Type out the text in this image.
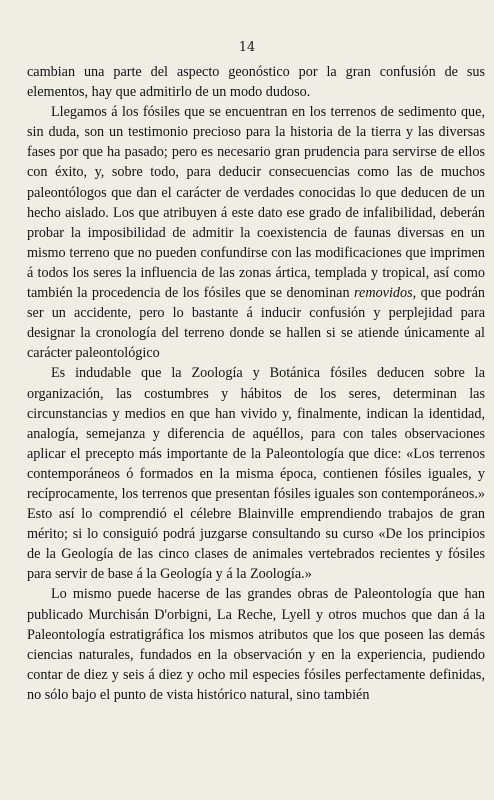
14

cambian una parte del aspecto geonóstico por la gran confusión de sus elementos, hay que admitirlo de un modo dudoso.

Llegamos á los fósiles que se encuentran en los terrenos de sedimento que, sin duda, son un testimonio precioso para la historia de la tierra y las diversas fases por que ha pasado; pero es necesario gran prudencia para servirse de ellos con éxito, y, sobre todo, para deducir consecuencias como las de muchos paleontólogos que dan el carácter de verdades conocidas lo que deducen de un hecho aislado. Los que atribuyen á este dato ese grado de infalibilidad, deberán probar la imposibilidad de admitir la coexistencia de faunas diversas en un mismo terreno que no pueden confundirse con las modificaciones que imprimen á todos los seres la influencia de las zonas ártica, templada y tropical, así como también la procedencia de los fósiles que se denominan removidos, que podrán ser un accidente, pero lo bastante á inducir confusión y perplejidad para designar la cronología del terreno donde se hallen si se atiende únicamente al carácter paleontológico

Es indudable que la Zoología y Botánica fósiles deducen sobre la organización, las costumbres y hábitos de los seres, determinan las circunstancias y medios en que han vivido y, finalmente, indican la identidad, analogía, semejanza y diferencia de aquéllos, para con tales observaciones aplicar el precepto más importante de la Paleontología que dice: «Los terrenos contemporáneos ó formados en la misma época, contienen fósiles iguales, y recíprocamente, los terrenos que presentan fósiles iguales son contemporáneos.» Esto así lo comprendió el célebre Blainville emprendiendo trabajos de gran mérito; si lo consiguió podrá juzgarse consultando su curso «De los principios de la Geología de las cinco clases de animales vertebrados recientes y fósiles para servir de base á la Geología y á la Zoología.»

Lo mismo puede hacerse de las grandes obras de Paleontología que han publicado Murchisán D'orbigni, La Reche, Lyell y otros muchos que dan á la Paleontología estratigráfica los mismos atributos que los que poseen las demás ciencias naturales, fundados en la observación y en la experiencia, pudiendo contar de diez y seis á diez y ocho mil especies fósiles perfectamente definidas, no sólo bajo el punto de vista histórico natural, sino también
